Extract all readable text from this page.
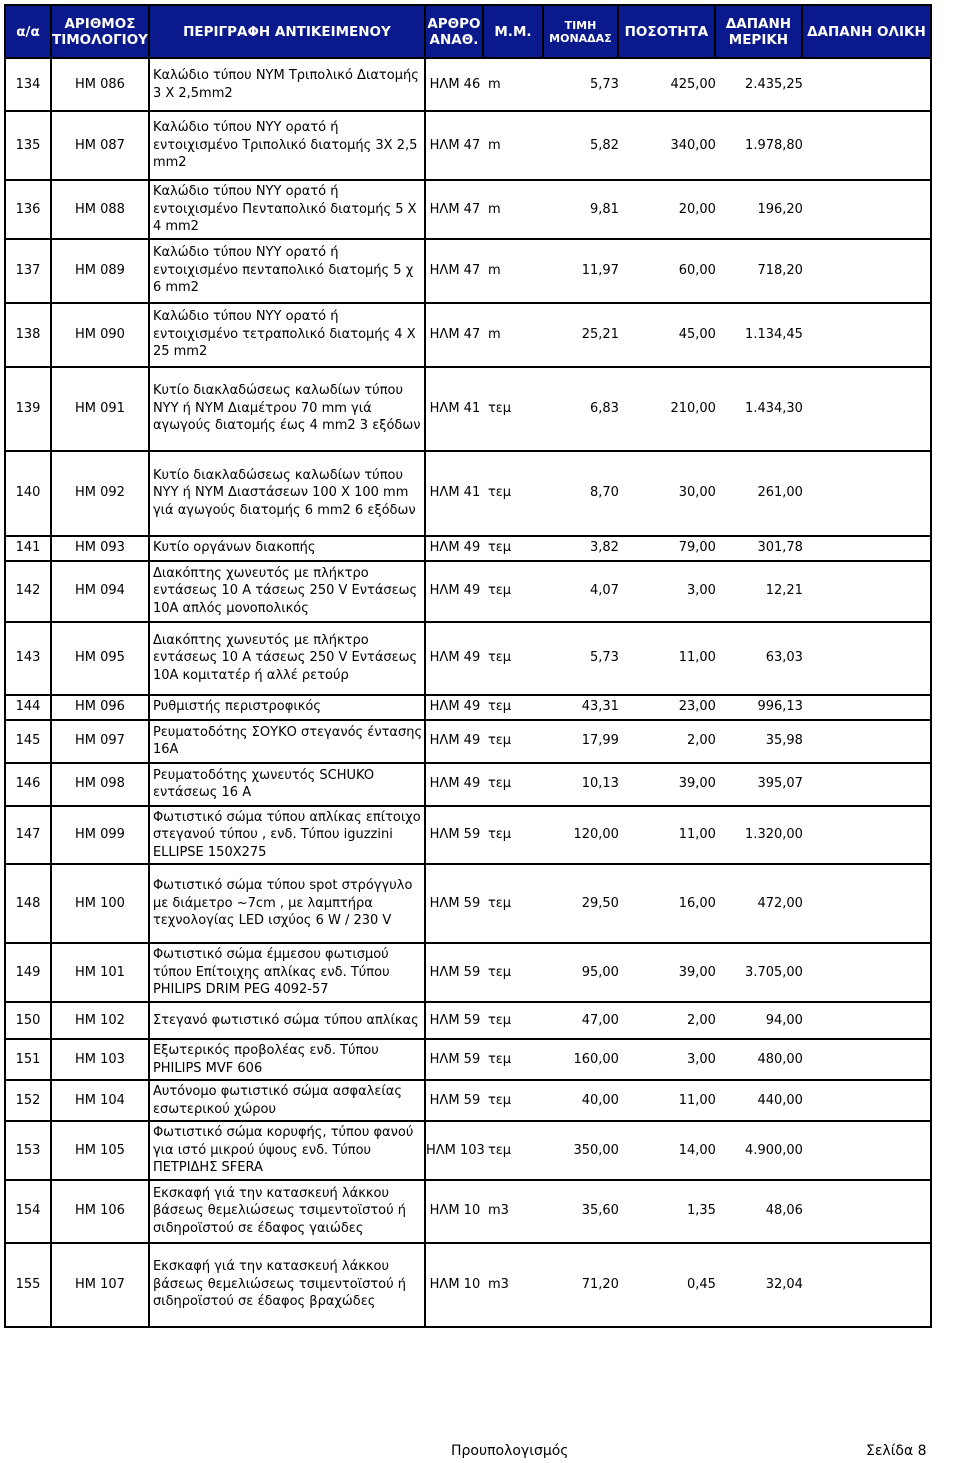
α/α	ΑΡΙΘΜΟΣ ΤΙΜΟΛΟΓΙΟΥ	ΠΕΡΙΓΡΑΦΗ ΑΝΤΙΚΕΙΜΕΝΟΥ	ΑΡΘΡΟ ΑΝΑΘ.	Μ.Μ.	ΤΙΜΗ ΜΟΝΑΔΑΣ	ΠΟΣΟΤΗΤΑ	ΔΑΠΑΝΗ ΜΕΡΙΚΗ	ΔΑΠΑΝΗ ΟΛΙΚΗ
134	ΗΜ 086	Καλώδιο τύπου ΝΥΜ Τριπολικό Διατομής 3 Χ 2,5mm2	ΗΛΜ 46 m 5,73 425,00 2.435,25					

135	ΗΜ 087	Καλώδιο τύπου ΝΥΥ ορατό ή εντοιχισμένο Τριπολικό διατομής 3Χ 2,5 mm2	ΗΛΜ 47 m 5,82 340,00 1.978,80					

136	ΗΜ 088	Καλώδιο τύπου ΝΥΥ ορατό ή εντοιχισμένο Πενταπολικό διατομής 5 Χ 4 mm2	ΗΛΜ 47 m 9,81 20,00 196,20					

137	ΗΜ 089	Καλώδιο τύπου ΝΥΥ ορατό ή εντοιχισμένο πενταπολικό διατομής 5 χ 6 mm2	ΗΛΜ 47 m 11,97 60,00 718,20					

138	ΗΜ 090	Καλώδιο τύπου ΝΥΥ ορατό ή εντοιχισμένο τετραπολικό διατομής 4 Χ 25 mm2	ΗΛΜ 47 m 25,21 45,00 1.134,45					

139	ΗΜ 091	Κυτίο διακλαδώσεως καλωδίων τύπου ΝΥΥ ή ΝΥΜ Διαμέτρου 70 mm γιά αγωγούς διατομής έως 4 mm2 3 εξόδων	ΗΛΜ 41 τεμ 6,83 210,00 1.434,30					

140	ΗΜ 092	Κυτίο διακλαδώσεως καλωδίων τύπου ΝΥΥ ή ΝΥΜ Διαστάσεων 100 Χ 100 mm γιά αγωγούς διατομής 6 mm2 6 εξόδων	ΗΛΜ 41 τεμ 8,70 30,00 261,00					

141	ΗΜ 093	Κυτίο οργάνων διακοπής	ΗΛΜ 49 τεμ 3,82 79,00 301,78					

142	ΗΜ 094	Διακόπτης χωνευτός με πλήκτρο εντάσεως 10 Α τάσεως 250 V Εντάσεως 10Α απλός μονοπολικός	ΗΛΜ 49 τεμ 4,07 3,00 12,21					

143	ΗΜ 095	Διακόπτης χωνευτός με πλήκτρο εντάσεως 10 Α τάσεως 250 V Εντάσεως 10Α κομιτατέρ ή αλλέ ρετούρ	ΗΛΜ 49 τεμ 5,73 11,00 63,03					

144	ΗΜ 096	Ρυθμιστής περιστροφικός	ΗΛΜ 49 τεμ 43,31 23,00 996,13					

145	ΗΜ 097	Ρευματοδότης ΣΟΥΚΟ στεγανός έντασης 16Α	ΗΛΜ 49 τεμ 17,99 2,00 35,98					

146	ΗΜ 098	Ρευματοδότης χωνευτός SCHUKO εντάσεως 16 Α	ΗΛΜ 49 τεμ 10,13 39,00 395,07					

147	ΗΜ 099	Φωτιστικό σώμα τύπου απλίκας επίτοιχο στεγανού τύπου , ενδ. Τύπου iguzzini ELLIPSE 150X275	ΗΛΜ 59 τεμ 120,00 11,00 1.320,00					

148	ΗΜ 100	Φωτιστικό σώμα τύπου spot στρόγγυλο με διάμετρο ~7cm , με λαμπτήρα τεχνολογίας LED ισχύος 6 W / 230 V	ΗΛΜ 59 τεμ 29,50 16,00 472,00					

149	ΗΜ 101	Φωτιστικό σώμα έμμεσου φωτισμού τύπου Επίτοιχης απλίκας ενδ. Τύπου PHILIPS DRIM PEG 4092-57	ΗΛΜ 59 τεμ 95,00 39,00 3.705,00					

150	ΗΜ 102	Στεγανό φωτιστικό σώμα τύπου απλίκας	ΗΛΜ 59 τεμ 47,00 2,00 94,00					

151	ΗΜ 103	Εξωτερικός προβολέας ενδ. Τύπου PHILIPS MVF 606	ΗΛΜ 59 τεμ 160,00 3,00 480,00					

152	ΗΜ 104	Αυτόνομο φωτιστικό σώμα ασφαλείας εσωτερικού χώρου	ΗΛΜ 59 τεμ 40,00 11,00 440,00					

153	ΗΜ 105	Φωτιστικό σώμα κορυφής, τύπου φανού για ιστό μικρού ύψους ενδ. Τύπου ΠΕΤΡΙΔΗΣ SFERA	ΗΛΜ 103 τεμ 350,00 14,00 4.900,00					

154	ΗΜ 106	Εκσκαφή γιά την κατασκευή λάκκου βάσεως θεμελιώσεως τσιμεντοϊστού ή σιδηροϊστού σε έδαφος γαιώδες	ΗΛΜ 10 m3 35,60 1,35 48,06					

155	ΗΜ 107	Εκσκαφή γιά την κατασκευή λάκκου βάσεως θεμελιώσεως τσιμεντοϊστού ή σιδηροϊστού σε έδαφος βραχώδες	ΗΛΜ 10 m3 71,20 0,45 32,04					
Προυπολογισμός	Σελίδα 8
